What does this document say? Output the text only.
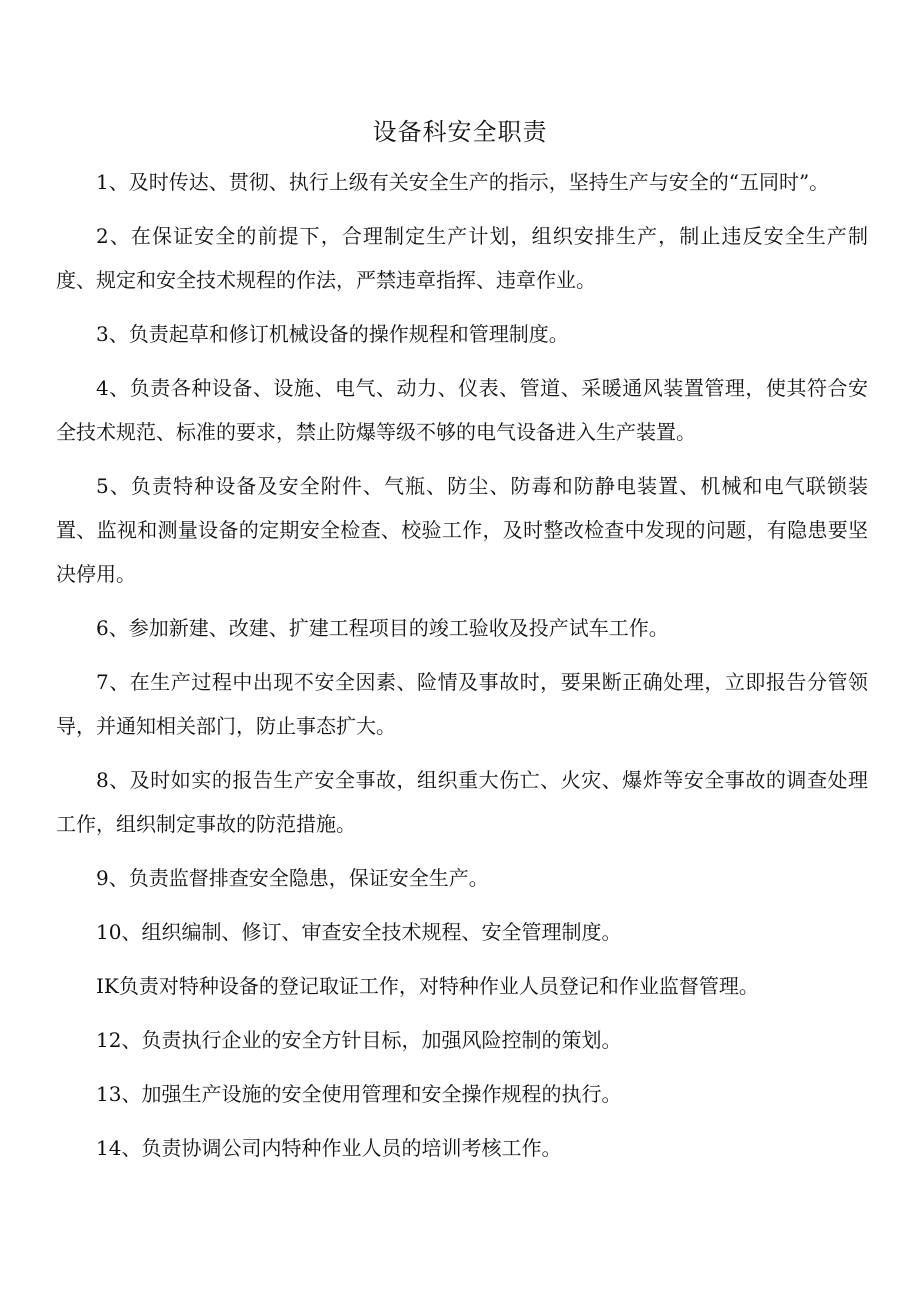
设备科安全职责

1、及时传达、贯彻、执行上级有关安全生产的指示，坚持生产与安全的“五同时”。

2、在保证安全的前提下，合理制定生产计划，组织安排生产，制止违反安全生产制度、规定和安全技术规程的作法，严禁违章指挥、违章作业。

3、负责起草和修订机械设备的操作规程和管理制度。

4、负责各种设备、设施、电气、动力、仪表、管道、采暖通风装置管理，使其符合安全技术规范、标准的要求，禁止防爆等级不够的电气设备进入生产装置。

5、负责特种设备及安全附件、气瓶、防尘、防毒和防静电装置、机械和电气联锁装置、监视和测量设备的定期安全检查、校验工作，及时整改检查中发现的问题，有隐患要坚决停用。

6、参加新建、改建、扩建工程项目的竣工验收及投产试车工作。

7、在生产过程中出现不安全因素、险情及事故时，要果断正确处理，立即报告分管领导，并通知相关部门，防止事态扩大。

8、及时如实的报告生产安全事故，组织重大伤亡、火灾、爆炸等安全事故的调查处理工作，组织制定事故的防范措施。

9、负责监督排查安全隐患，保证安全生产。

10、组织编制、修订、审查安全技术规程、安全管理制度。

IK负责对特种设备的登记取证工作，对特种作业人员登记和作业监督管理。

12、负责执行企业的安全方针目标，加强风险控制的策划。

13、加强生产设施的安全使用管理和安全操作规程的执行。

14、负责协调公司内特种作业人员的培训考核工作。
